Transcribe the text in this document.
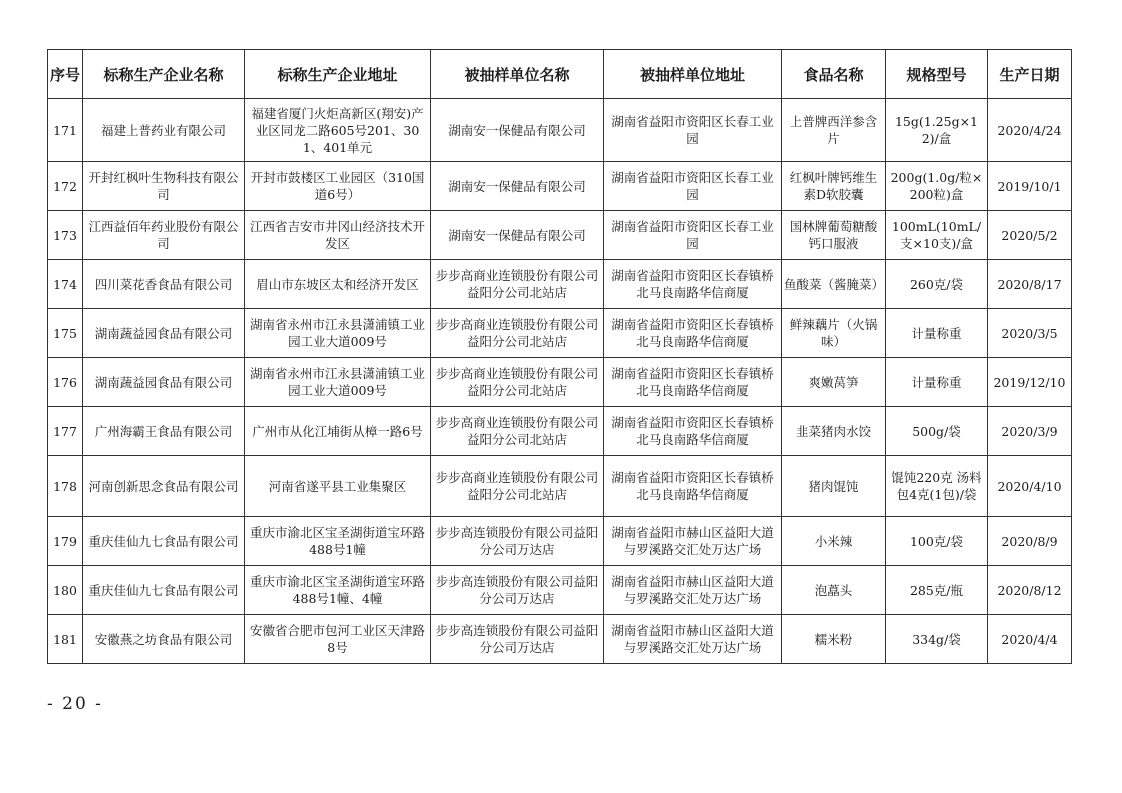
序号	标称生产企业名称	标称生产企业地址	被抽样单位名称	被抽样单位地址	食品名称	规格型号	生产日期
171	福建上普药业有限公司	福建省厦门火炬高新区(翔安)产业区同龙二路605号201、301、401单元	湖南安一保健品有限公司	湖南省益阳市资阳区长春工业园	上普牌西洋参含片	15g(1.25g×12)/盒	2020/4/24
172	开封红枫叶生物科技有限公司	开封市鼓楼区工业园区（310国道6号）	湖南安一保健品有限公司	湖南省益阳市资阳区长春工业园	红枫叶牌钙维生素D软胶囊	200g(1.0g/粒×200粒)盒	2019/10/1
173	江西益佰年药业股份有限公司	江西省吉安市井冈山经济技术开发区	湖南安一保健品有限公司	湖南省益阳市资阳区长春工业园	国林牌葡萄糖酸钙口服液	100mL(10mL/支×10支)/盒	2020/5/2
174	四川菜花香食品有限公司	眉山市东坡区太和经济开发区	步步高商业连锁股份有限公司益阳分公司北站店	湖南省益阳市资阳区长春镇桥北马良南路华信商厦	鱼酸菜（酱腌菜）	260克/袋	2020/8/17
175	湖南蔬益园食品有限公司	湖南省永州市江永县潇浦镇工业园工业大道009号	步步高商业连锁股份有限公司益阳分公司北站店	湖南省益阳市资阳区长春镇桥北马良南路华信商厦	鲜辣藕片（火锅味）	计量称重	2020/3/5
176	湖南蔬益园食品有限公司	湖南省永州市江永县潇浦镇工业园工业大道009号	步步高商业连锁股份有限公司益阳分公司北站店	湖南省益阳市资阳区长春镇桥北马良南路华信商厦	爽嫩莴笋	计量称重	2019/12/10
177	广州海霸王食品有限公司	广州市从化江埔街从樟一路6号	步步高商业连锁股份有限公司益阳分公司北站店	湖南省益阳市资阳区长春镇桥北马良南路华信商厦	韭菜猪肉水饺	500g/袋	2020/3/9
178	河南创新思念食品有限公司	河南省遂平县工业集聚区	步步高商业连锁股份有限公司益阳分公司北站店	湖南省益阳市资阳区长春镇桥北马良南路华信商厦	猪肉馄饨	馄饨220克 汤料包4克(1包)/袋	2020/4/10
179	重庆佳仙九七食品有限公司	重庆市渝北区宝圣湖街道宝环路488号1幢	步步高连锁股份有限公司益阳分公司万达店	湖南省益阳市赫山区益阳大道与罗溪路交汇处万达广场	小米辣	100克/袋	2020/8/9
180	重庆佳仙九七食品有限公司	重庆市渝北区宝圣湖街道宝环路488号1幢、4幢	步步高连锁股份有限公司益阳分公司万达店	湖南省益阳市赫山区益阳大道与罗溪路交汇处万达广场	泡藠头	285克/瓶	2020/8/12
181	安徽燕之坊食品有限公司	安徽省合肥市包河工业区天津路8号	步步高连锁股份有限公司益阳分公司万达店	湖南省益阳市赫山区益阳大道与罗溪路交汇处万达广场	糯米粉	334g/袋	2020/4/4
- 20 -
